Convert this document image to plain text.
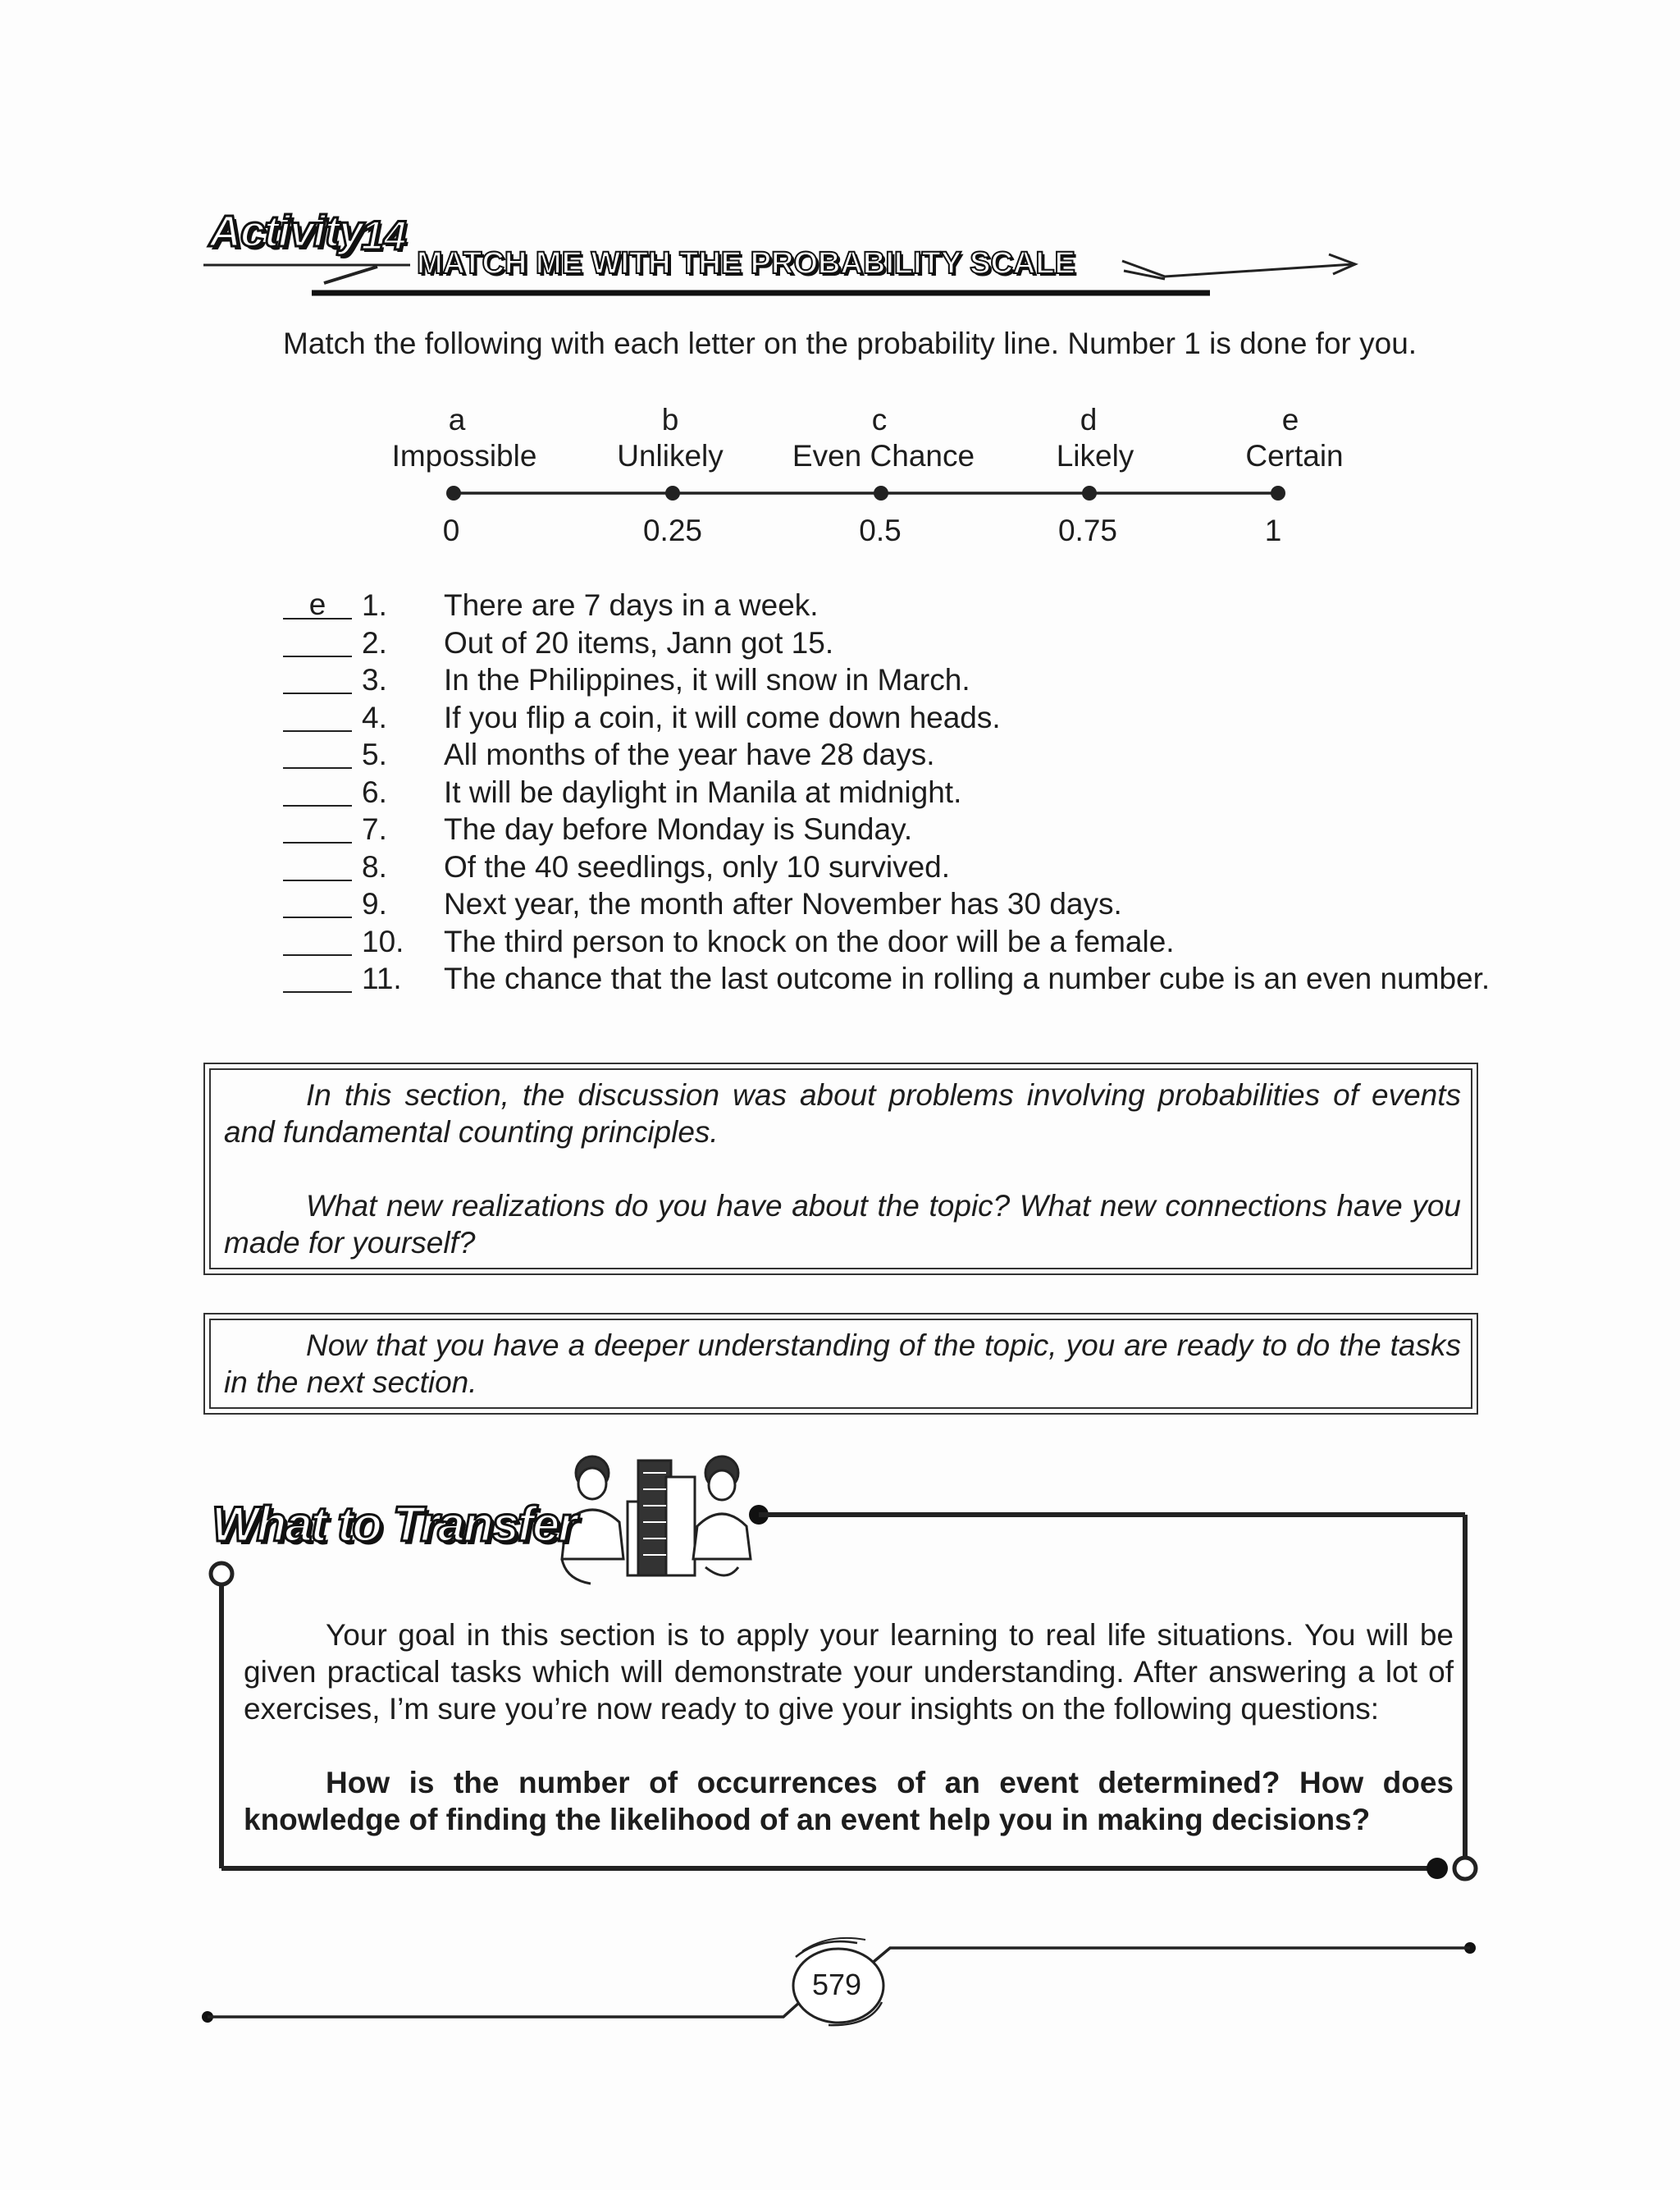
Activity
14
MATCH ME WITH THE PROBABILITY SCALE
Match the following with each letter on the probability line. Number 1 is done for you.
a
Impossible
b
Unlikely
c
Even Chance
d
Likely
e
Certain
0	0.25	0.5	0.75	1
e	1. There are 7 days in a week.
2. Out of 20 items, Jann got 15.
3. In the Philippines, it will snow in March.
4. If you flip a coin, it will come down heads.
5. All months of the year have 28 days.
6. It will be daylight in Manila at midnight.
7. The day before Monday is Sunday.
8. Of the 40 seedlings, only 10 survived.
9. Next year, the month after November has 30 days.
10. The third person to knock on the door will be a female.
11. The chance that the last outcome in rolling a number cube is an even number.

In this section, the discussion was about problems involving probabilities of events and fundamental counting principles.

What new realizations do you have about the topic? What new connections have you made for yourself?

Now that you have a deeper understanding of the topic, you are ready to do the tasks in the next section.

What to Transfer

Your goal in this section is to apply your learning to real life situations. You will be given practical tasks which will demonstrate your understanding. After answering a lot of exercises, I’m sure you’re now ready to give your insights on the following questions:

How is the number of occurrences of an event determined? How does knowledge of finding the likelihood of an event help you in making decisions?

579
